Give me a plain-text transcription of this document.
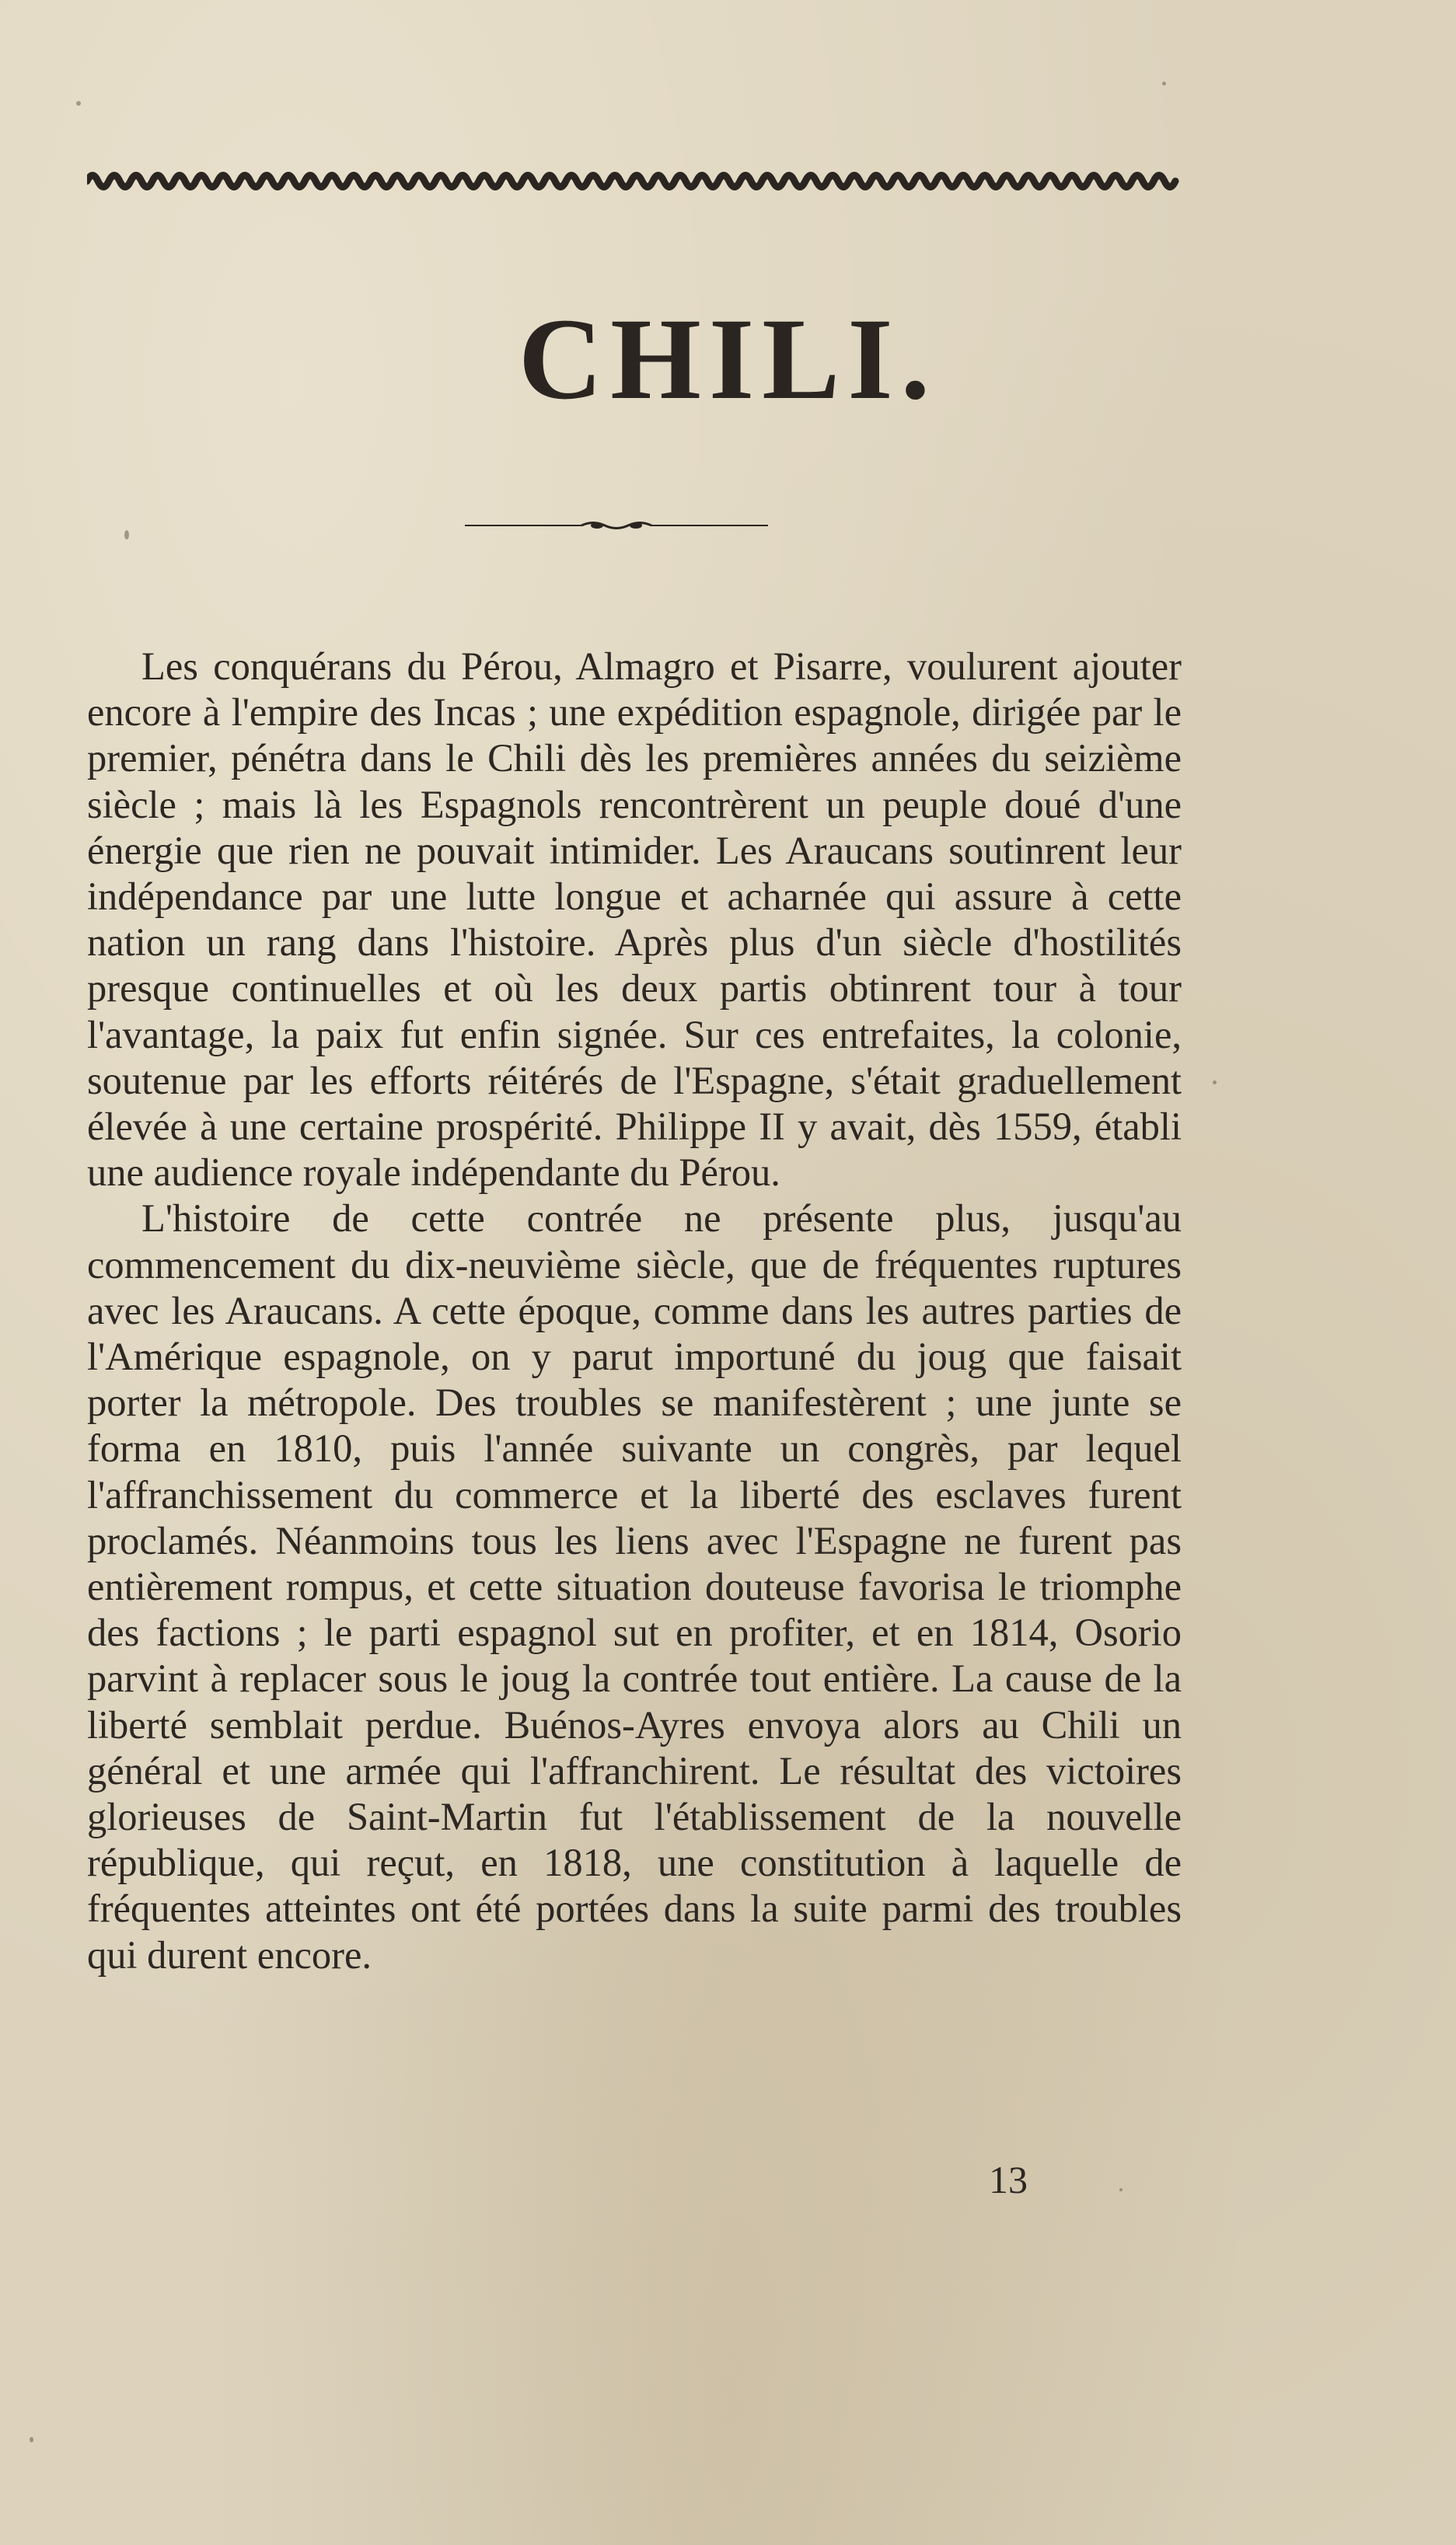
CHILI.

Les conquérans du Pérou, Almagro et Pisarre, voulurent ajouter encore à l'empire des Incas ; une expédition espagnole, dirigée par le premier, pénétra dans le Chili dès les premières années du seizième siècle ; mais là les Espagnols rencontrèrent un peuple doué d'une énergie que rien ne pouvait intimider. Les Araucans soutinrent leur indépendance par une lutte longue et acharnée qui assure à cette nation un rang dans l'histoire. Après plus d'un siècle d'hostilités presque continuelles et où les deux partis obtinrent tour à tour l'avantage, la paix fut enfin signée. Sur ces entrefaites, la colonie, soutenue par les efforts réitérés de l'Espagne, s'était graduellement élevée à une certaine prospérité. Philippe II y avait, dès 1559, établi une audience royale indépendante du Pérou.

L'histoire de cette contrée ne présente plus, jusqu'au commencement du dix-neuvième siècle, que de fréquentes ruptures avec les Araucans. A cette époque, comme dans les autres parties de l'Amérique espagnole, on y parut importuné du joug que faisait porter la métropole. Des troubles se manifestèrent ; une junte se forma en 1810, puis l'année suivante un congrès, par lequel l'affranchissement du commerce et la liberté des esclaves furent proclamés. Néanmoins tous les liens avec l'Espagne ne furent pas entièrement rompus, et cette situation douteuse favorisa le triomphe des factions ; le parti espagnol sut en profiter, et en 1814, Osorio parvint à replacer sous le joug la contrée tout entière. La cause de la liberté semblait perdue. Buénos-Ayres envoya alors au Chili un général et une armée qui l'affranchirent. Le résultat des victoires glorieuses de Saint-Martin fut l'établissement de la nouvelle république, qui reçut, en 1818, une constitution à laquelle de fréquentes atteintes ont été portées dans la suite parmi des troubles qui durent encore.

13
